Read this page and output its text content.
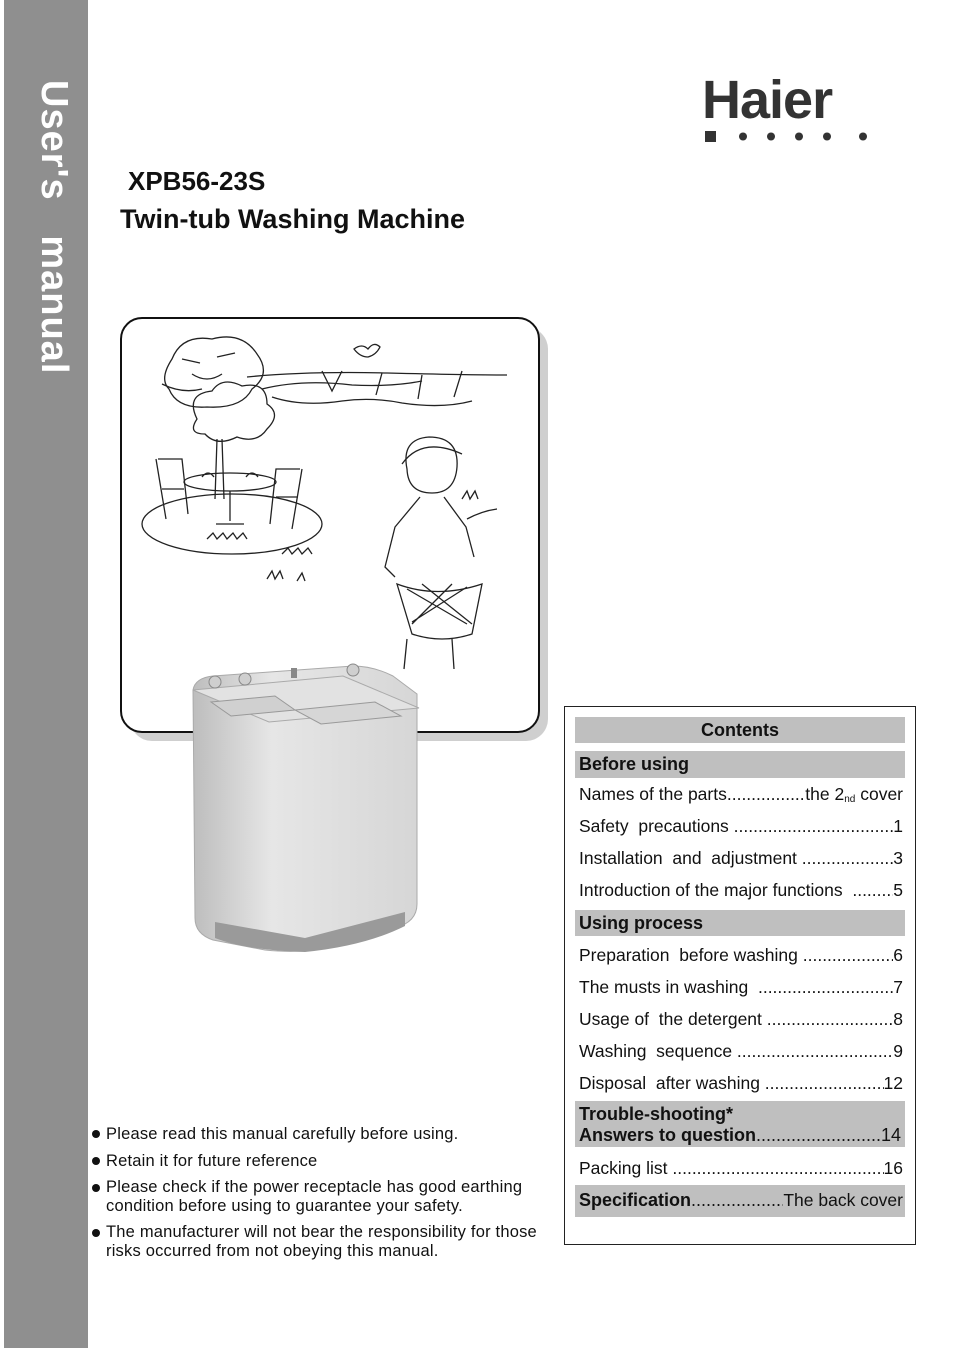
User's   manual	Haier
XPB56-23S
Twin-tub Washing Machine
Please read this manual carefully before using.
Retain it for future reference
Please check if the power receptacle has good earthing condition before using to guarantee your safety.
The manufacturer will not bear the responsibility for those risks occurred from not obeying this manual.
Contents
Before using
Names of the parts .....	the $2_{nd}$ cover
Safety  precautions .....	1
Installation  and  adjustment .....	3
Introduction of the major functions ..... 5
Using process
Preparation  before washing .....	6
The musts in washing .....	7
Usage of  the detergent .....	8
Washing  sequence .....	9
Disposal  after washing .....	12
Trouble-shooting*
Answers to question .....	14
Packing list .....	16
Specification .....	The back cover
